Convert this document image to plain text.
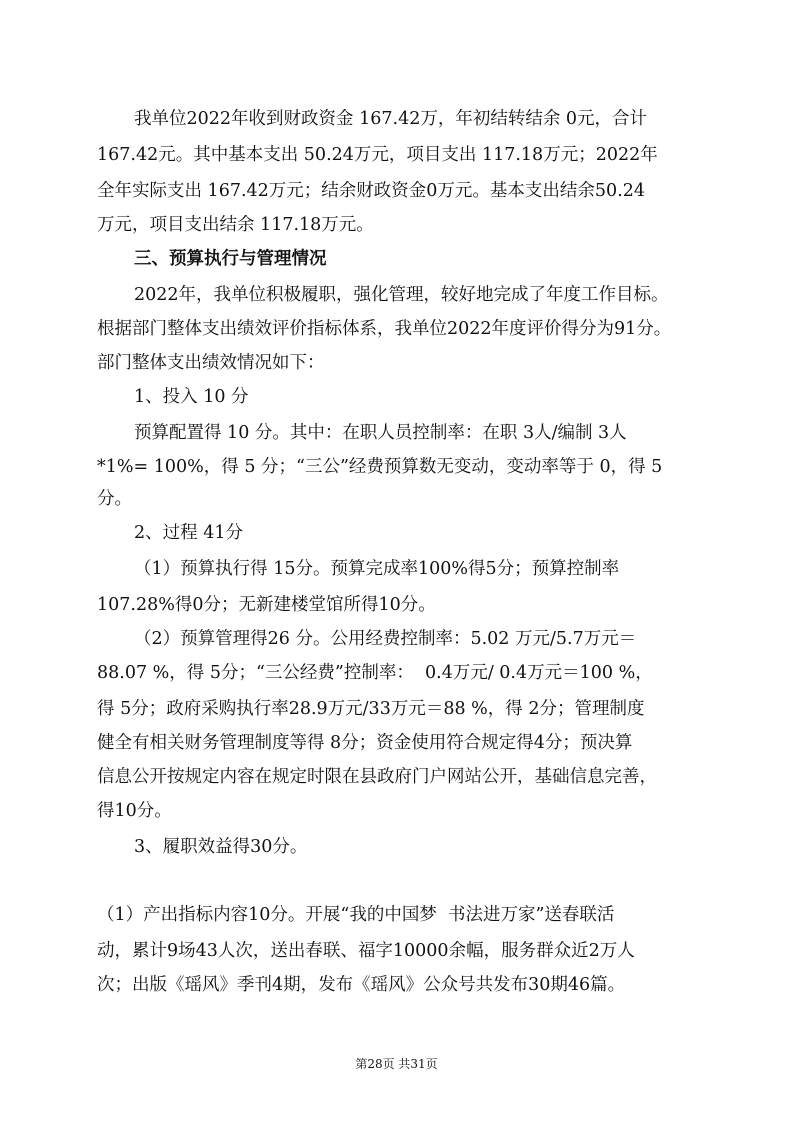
我单位2022年收到财政资金 167.42万，年初结转结余 0元，合计
167.42元。其中基本支出 50.24万元，项目支出 117.18万元；2022年
全年实际支出 167.42万元；结余财政资金0万元。基本支出结余50.24
万元，项目支出结余 117.18万元。
三、预算执行与管理情况
2022年，我单位积极履职，强化管理，较好地完成了年度工作目标。
根据部门整体支出绩效评价指标体系，我单位2022年度评价得分为91分。
部门整体支出绩效情况如下：
1、投入 10 分
预算配置得 10 分。其中：在职人员控制率：在职 3人/编制 3人
*1%= 100%，得 5 分；“三公”经费预算数无变动，变动率等于 0，得 5
分。
2、过程 41分
（1）预算执行得 15分。预算完成率100%得5分；预算控制率
107.28%得0分；无新建楼堂馆所得10分。
（2）预算管理得26 分。公用经费控制率：5.02 万元/5.7万元＝
88.07 %，得 5分；“三公经费”控制率：  0.4万元/ 0.4万元＝100 %，
得 5分；政府采购执行率28.9万元/33万元＝88 %，得 2分；管理制度
健全有相关财务管理制度等得 8分；资金使用符合规定得4分；预决算
信息公开按规定内容在规定时限在县政府门户网站公开，基础信息完善，
得10分。
3、履职效益得30分。
（1）产出指标内容10分。开展“我的中国梦  书法进万家”送春联活
动，累计9场43人次，送出春联、福字10000余幅，服务群众近2万人
次；出版《瑶风》季刊4期，发布《瑶风》公众号共发布30期46篇。
第28页 共31页
